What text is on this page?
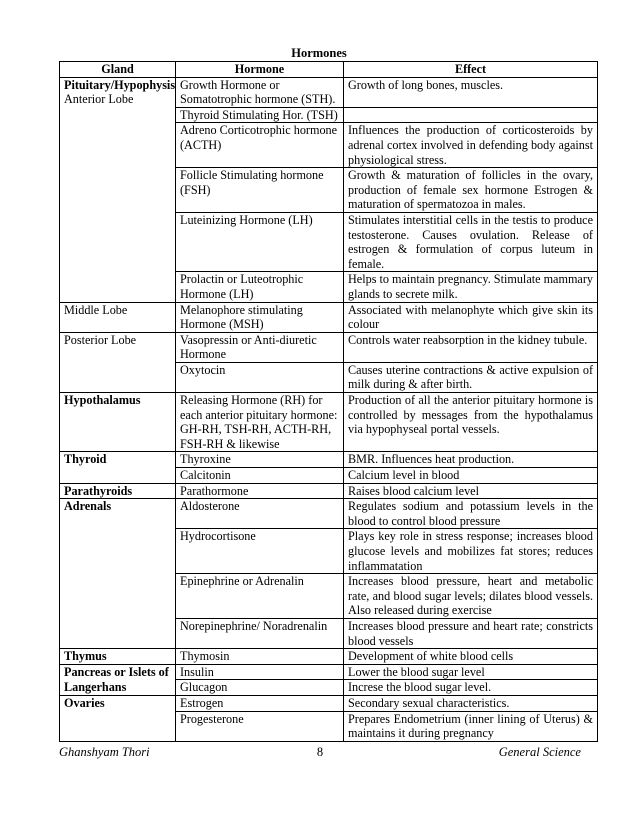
Hormones
Gland	Hormone	Effect

Pituitary/Hypophysis
Anterior Lobe	Growth Hormone or Somatotrophic hormone (STH).	Growth of long bones, muscles.
	Thyroid Stimulating Hor. (TSH)	
	Adreno Corticotrophic hormone (ACTH)	Influences the production of corticosteroids by adrenal cortex involved in defending body against physiological stress.
	Follicle Stimulating hormone (FSH)	Growth & maturation of follicles in the ovary, production of female sex hormone Estrogen & maturation of spermatozoa in males.
	Luteinizing Hormone (LH)	Stimulates interstitial cells in the testis to produce testosterone. Causes ovulation. Release of estrogen & formulation of corpus luteum in female.
	Prolactin or Luteotrophic Hormone (LH)	Helps to maintain pregnancy. Stimulate mammary glands to secrete milk.
Middle Lobe	Melanophore stimulating Hormone (MSH)	Associated with melanophyte which give skin its colour
Posterior Lobe	Vasopressin or Anti-diuretic Hormone	Controls water reabsorption in the kidney tubule.
	Oxytocin	Causes uterine contractions & active expulsion of milk during & after birth.
Hypothalamus	Releasing Hormone (RH) for each anterior pituitary hormone: GH-RH, TSH-RH, ACTH-RH, FSH-RH & likewise	Production of all the anterior pituitary hormone is controlled by messages from the hypothalamus via hypophyseal portal vessels.
Thyroid	Thyroxine	BMR. Influences heat production.
	Calcitonin	Calcium level in blood
Parathyroids	Parathormone	Raises blood calcium level
Adrenals	Aldosterone	Regulates sodium and potassium levels in the blood to control blood pressure
	Hydrocortisone	Plays key role in stress response; increases blood glucose levels and mobilizes fat stores; reduces inflammatation
	Epinephrine or Adrenalin	Increases blood pressure, heart and metabolic rate, and blood sugar levels; dilates blood vessels. Also released during exercise
	Norepinephrine/ Noradrenalin	Increases blood pressure and heart rate; constricts blood vessels
Thymus	Thymosin	Development of white blood cells
Pancreas or Islets of	Insulin	Lower the blood sugar level
Langerhans	Glucagon	Increse the blood sugar level.
Ovaries	Estrogen	Secondary sexual characteristics.
	Progesterone	Prepares Endometrium (inner lining of Uterus) & maintains it during pregnancy
Ghanshyam Thori	8	General Science
